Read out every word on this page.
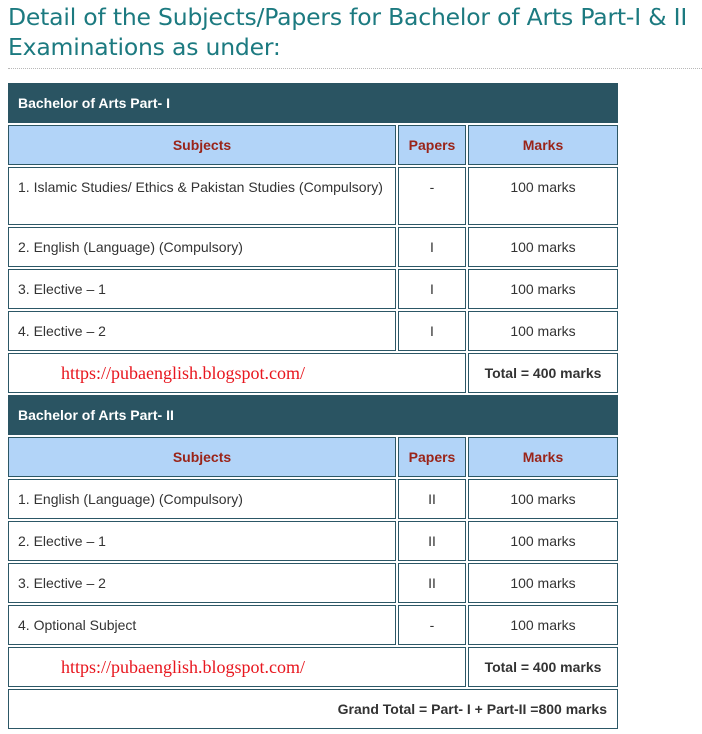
Detail of the Subjects/Papers for Bachelor of Arts Part-I & II Examinations as under:
Bachelor of Arts Part- I
Subjects	Papers	Marks
1. Islamic Studies/ Ethics & Pakistan Studies (Compulsory)	-	100 marks
2. English (Language) (Compulsory)	I	100 marks
3. Elective – 1	I	100 marks
4. Elective – 2	I	100 marks
https://pubaenglish.blogspot.com/	Total = 400 marks
Bachelor of Arts Part- II
Subjects	Papers	Marks
1. English (Language) (Compulsory)	II	100 marks
2. Elective – 1	II	100 marks
3. Elective – 2	II	100 marks
4. Optional Subject	-	100 marks
https://pubaenglish.blogspot.com/	Total = 400 marks
Grand Total = Part- I + Part-II =800 marks
